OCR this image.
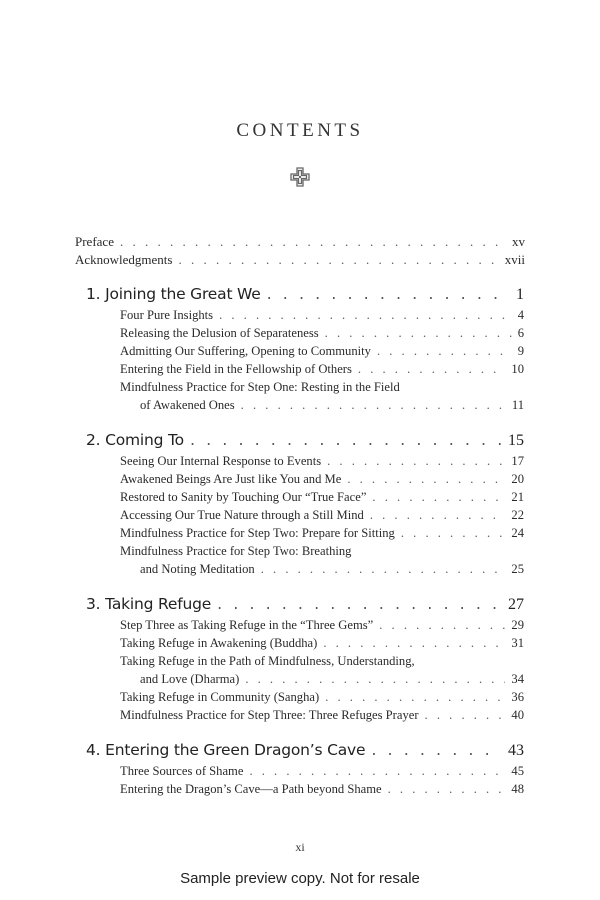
CONTENTS
Preface . . .	xv
Acknowledgments . . .	xvii
1. Joining the Great We . . .	1
Four Pure Insights . . .	4
Releasing the Delusion of Separateness . . .	6
Admitting Our Suffering, Opening to Community . . .	9
Entering the Field in the Fellowship of Others . . .	10
Mindfulness Practice for Step One: Resting in the Field
of Awakened Ones . . .	11
2. Coming To . . .	15
Seeing Our Internal Response to Events . . .	17
Awakened Beings Are Just like You and Me . . .	20
Restored to Sanity by Touching Our “True Face” . . .	21
Accessing Our True Nature through a Still Mind . . .	22
Mindfulness Practice for Step Two: Prepare for Sitting . . .	24
Mindfulness Practice for Step Two: Breathing
and Noting Meditation . . .	25
3. Taking Refuge . . .	27
Step Three as Taking Refuge in the “Three Gems” . . .	29
Taking Refuge in Awakening (Buddha) . . .	31
Taking Refuge in the Path of Mindfulness, Understanding,
and Love (Dharma) . . .	34
Taking Refuge in Community (Sangha) . . .	36
Mindfulness Practice for Step Three: Three Refuges Prayer . . .	40
4. Entering the Green Dragon’s Cave . . .	43
Three Sources of Shame . . .	45
Entering the Dragon’s Cave—a Path beyond Shame . . .	48
xi
Sample preview copy. Not for resale
